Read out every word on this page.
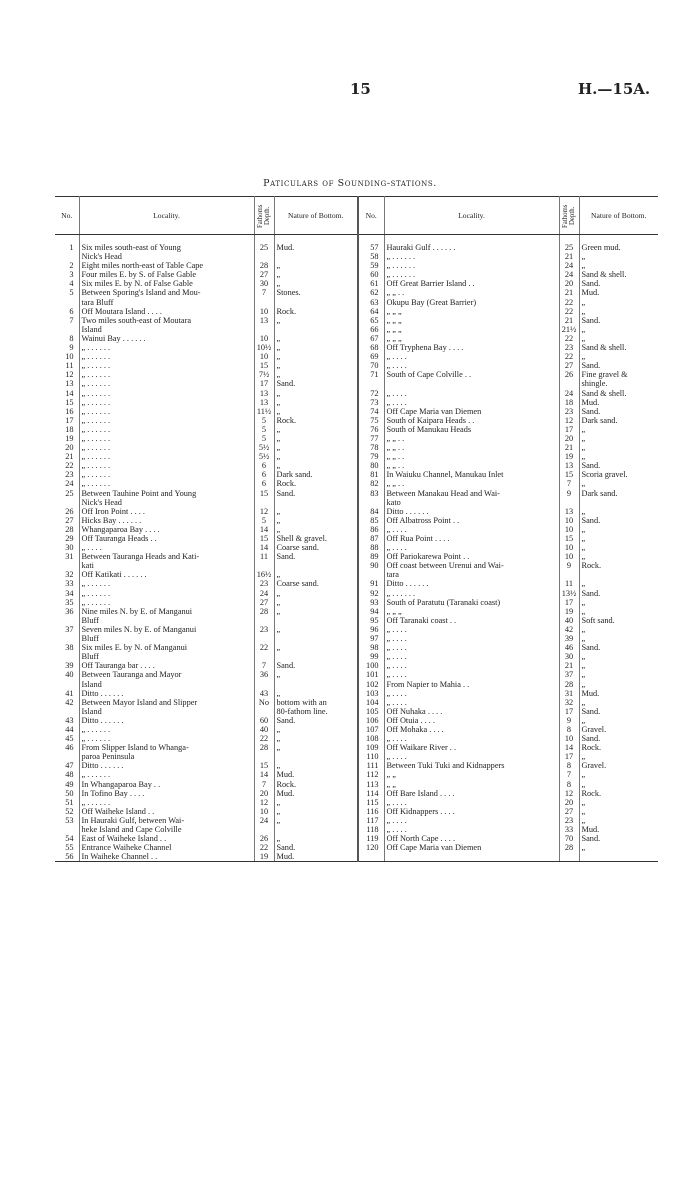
15	H.—15A.
Paticulars of Sounding-stations.
No.	Locality.	Fathoms Depth.	Nature of Bottom.	No.	Locality.	Fathoms Depth.	Nature of Bottom.

1	Six miles south-east of Young	25	Mud.	57	Hauraki Gulf . . . . . .	25	Green mud.
	Nick's Head			58	„ . . . . . .	21	„
2	Eight miles north-east of Table Cape	28	„	59	„ . . . . . .	24	„
3	Four miles E. by S. of False Gable	27	„	60	„ . . . . . .	24	Sand & shell.
4	Six miles E. by N. of False Gable	30	„	61	Off Great Barrier Island . .	20	Sand.
5	Between Sporing's Island and Mou-	7	Stones.	62	„ „ . .	21	Mud.
	tara Bluff			63	Okupu Bay (Great Barrier)	22	„
6	Off Moutara Island . . . .	10	Rock.	64	„ „ „	22	„
7	Two miles south-east of Moutara	13	„	65	„ „ „	21	Sand.
	Island			66	„ „ „	21½	„
8	Wainui Bay . . . . . .	10	„	67	„ „ „	22	„
9	„ . . . . . .	10½	„	68	Off Tryphena Bay . . . .	23	Sand & shell.
10	„ . . . . . .	10	„	69	„ . . . .	22	„
11	„ . . . . . .	15	„	70	„ . . . .	27	Sand.
12	„ . . . . . .	7½	„	71	South of Cape Colville . .	26	Fine gravel &
13	„ . . . . . .	17	Sand.				shingle.
14	„ . . . . . .	13	„	72	„ . . . .	24	Sand & shell.
15	„ . . . . . .	13	„	73	„ . . . .	18	Mud.
16	„ . . . . . .	11½	„	74	Off Cape Maria van Diemen	23	Sand.
17	„ . . . . . .	5	Rock.	75	South of Kaipara Heads . .	12	Dark sand.
18	„ . . . . . .	5	„	76	South of Manukau Heads	17	„
19	„ . . . . . .	5	„	77	„ „ . .	20	„
20	„ . . . . . .	5½	„	78	„ „ . .	21	„
21	„ . . . . . .	5½	„	79	„ „ . .	19	„
22	„ . . . . . .	6	„	80	„ „ . .	13	Sand.
23	„ . . . . . .	6	Dark sand.	81	In Waiuku Channel, Manukau Inlet	15	Scoria gravel.
24	„ . . . . . .	6	Rock.	82	„ „ . .	7	„
25	Between Tauhine Point and Young	15	Sand.	83	Between Manakau Head and Wai-	9	Dark sand.
	Nick's Head				kato		
26	Off Iron Point . . . .	12	„	84	Ditto . . . . . .	13	„
27	Hicks Bay . . . . . .	5	„	85	Off Albatross Point . .	10	Sand.
28	Whangaparoa Bay . . . .	14	„	86	„ . . . .	10	„
29	Off Tauranga Heads . .	15	Shell & gravel.	87	Off Rua Point . . . .	15	„
30	„ . . . .	14	Coarse sand.	88	„ . . . .	10	„
31	Between Tauranga Heads and Kati-	11	Sand.	89	Off Pariokarewa Point . .	10	„
	kati			90	Off coast between Urenui and Wai-	9	Rock.
32	Off Katikati . . . . . .	16½	„		tara		
33	„ . . . . . .	23	Coarse sand.	91	Ditto . . . . . .	11	„
34	„ . . . . . .	24	„	92	„ . . . . . .	13½	Sand.
35	„ . . . . . .	27	„	93	South of Paratutu (Taranaki coast)	17	„
36	Nine miles N. by E. of Manganui	28	„	94	„ „ „	19	„
	Bluff			95	Off Taranaki coast . .	40	Soft sand.
37	Seven miles N. by E. of Manganui	23	„	96	„ . . . .	42	„
	Bluff			97	„ . . . .	39	„
38	Six miles E. by N. of Manganui	22	„	98	„ . . . .	46	Sand.
	Bluff			99	„ . . . .	30	„
39	Off Tauranga bar . . . .	7	Sand.	100	„ . . . .	21	„
40	Between Tauranga and Mayor	36	„	101	„ . . . .	37	„
	Island			102	From Napier to Mahia . .	28	„
41	Ditto . . . . . .	43	„	103	„ . . . .	31	Mud.
42	Between Mayor Island and Slipper	No	bottom with an	104	„ . . . .	32	„
	Island		80-fathom line.	105	Off Nuhaka . . . .	17	Sand.
43	Ditto . . . . . .	60	Sand.	106	Off Otuia . . . .	9	„
44	„ . . . . . .	40	„	107	Off Mohaka . . . .	8	Gravel.
45	„ . . . . . .	22	„	108	„ . . . .	10	Sand.
46	From Slipper Island to Whanga-	28	„	109	Off Waikare River . .	14	Rock.
	paroa Peninsula			110	„ . . . .	17	„
47	Ditto . . . . . .	15	„	111	Between Tuki Tuki and Kidnappers	8	Gravel.
48	„ . . . . . .	14	Mud.	112	„ „	7	„
49	In Whangaparoa Bay . .	7	Rock.	113	„ „	8	„
50	In Tofino Bay . . . .	20	Mud.	114	Off Bare Island . . . .	12	Rock.
51	„ . . . . . .	12	„	115	„ . . . .	20	„
52	Off Waiheke Island . .	10	„	116	Off Kidnappers . . . .	27	„
53	In Hauraki Gulf, between Wai-	24	„	117	„ . . . .	23	„
	heke Island and Cape Colville			118	„ . . . .	33	Mud.
54	East of Waiheke Island . .	26	„	119	Off North Cape . . . .	70	Sand.
55	Entrance Waiheke Channel	22	Sand.	120	Off Cape Maria van Diemen	28	„
56	In Waiheke Channel . .	19	Mud.				
